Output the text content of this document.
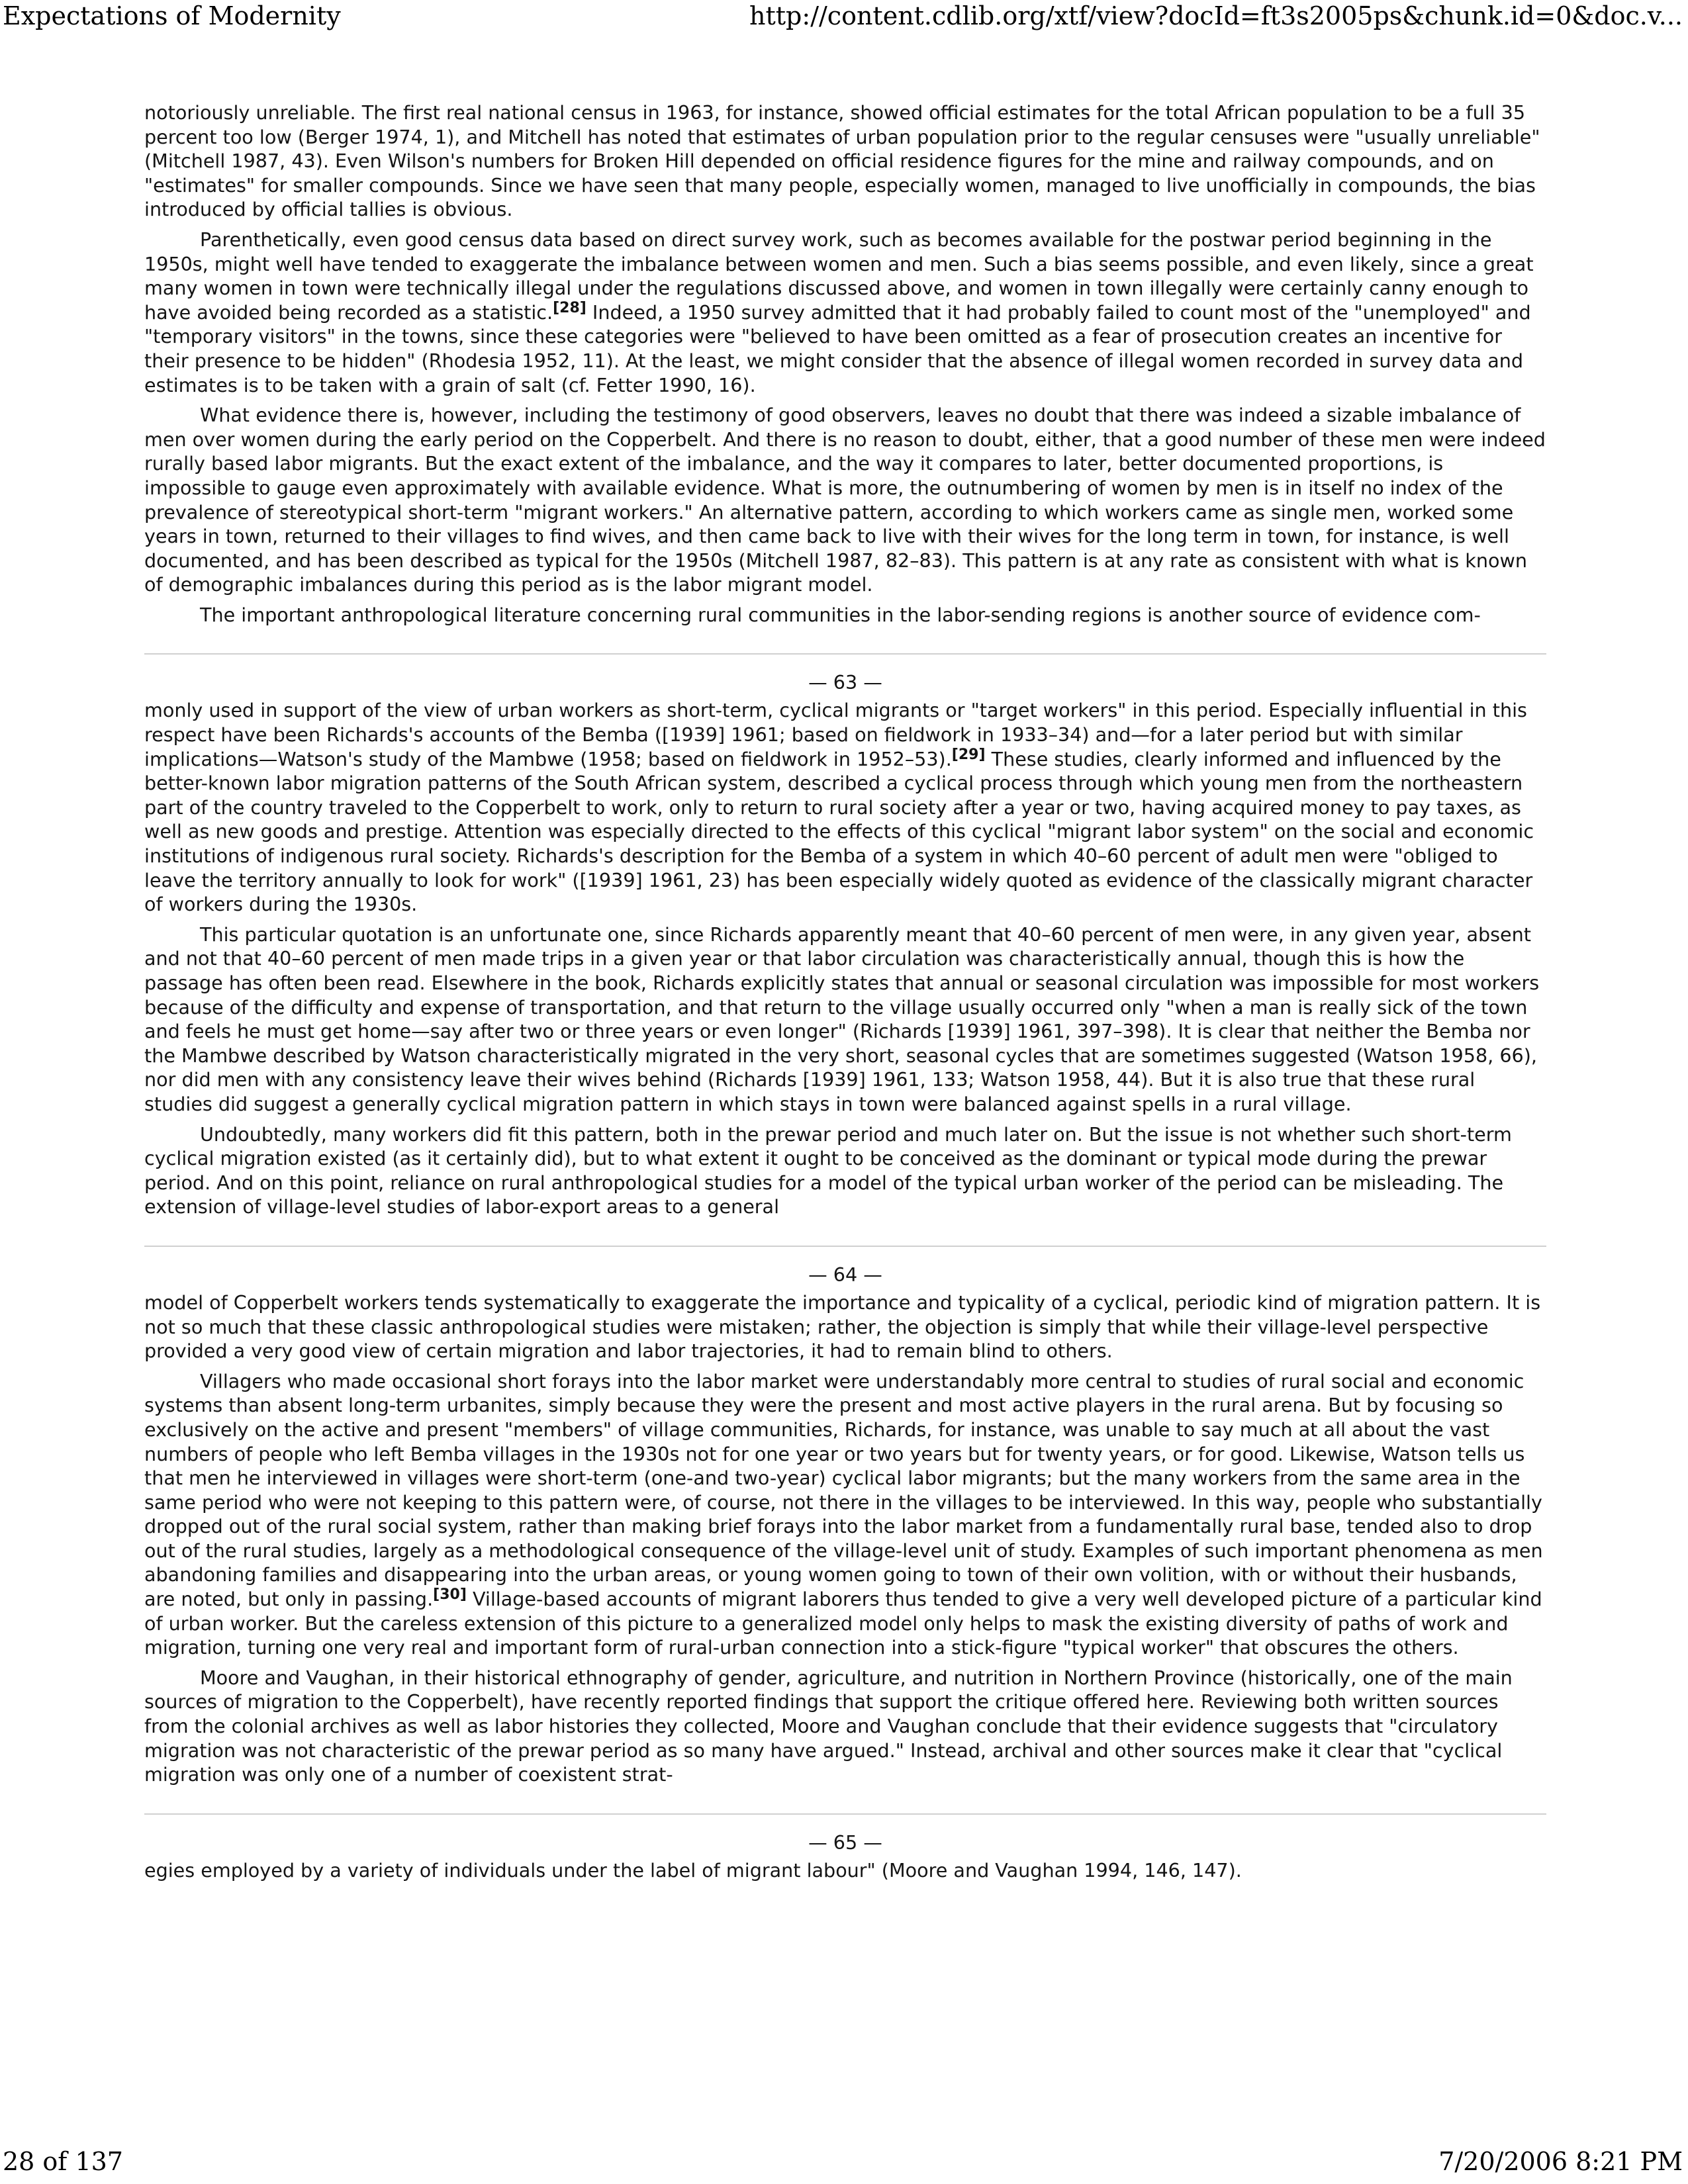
Expectations of Modernity	http://content.cdlib.org/xtf/view?docId=ft3s2005ps&chunk.id=0&doc.v...

notoriously unreliable. The first real national census in 1963, for instance, showed official estimates for the total African population to be a full 35 percent too low (Berger 1974, 1), and Mitchell has noted that estimates of urban population prior to the regular censuses were "usually unreliable" (Mitchell 1987, 43). Even Wilson's numbers for Broken Hill depended on official residence figures for the mine and railway compounds, and on "estimates" for smaller compounds. Since we have seen that many people, especially women, managed to live unofficially in compounds, the bias introduced by official tallies is obvious.

Parenthetically, even good census data based on direct survey work, such as becomes available for the postwar period beginning in the 1950s, might well have tended to exaggerate the imbalance between women and men. Such a bias seems possible, and even likely, since a great many women in town were technically illegal under the regulations discussed above, and women in town illegally were certainly canny enough to have avoided being recorded as a statistic.[28] Indeed, a 1950 survey admitted that it had probably failed to count most of the "unemployed" and "temporary visitors" in the towns, since these categories were "believed to have been omitted as a fear of prosecution creates an incentive for their presence to be hidden" (Rhodesia 1952, 11). At the least, we might consider that the absence of illegal women recorded in survey data and estimates is to be taken with a grain of salt (cf. Fetter 1990, 16).

What evidence there is, however, including the testimony of good observers, leaves no doubt that there was indeed a sizable imbalance of men over women during the early period on the Copperbelt. And there is no reason to doubt, either, that a good number of these men were indeed rurally based labor migrants. But the exact extent of the imbalance, and the way it compares to later, better documented proportions, is impossible to gauge even approximately with available evidence. What is more, the outnumbering of women by men is in itself no index of the prevalence of stereotypical short-term "migrant workers." An alternative pattern, according to which workers came as single men, worked some years in town, returned to their villages to find wives, and then came back to live with their wives for the long term in town, for instance, is well documented, and has been described as typical for the 1950s (Mitchell 1987, 82–83). This pattern is at any rate as consistent with what is known of demographic imbalances during this period as is the labor migrant model.

The important anthropological literature concerning rural communities in the labor-sending regions is another source of evidence com-

— 63 —

monly used in support of the view of urban workers as short-term, cyclical migrants or "target workers" in this period. Especially influential in this respect have been Richards's accounts of the Bemba ([1939] 1961; based on fieldwork in 1933–34) and—for a later period but with similar implications—Watson's study of the Mambwe (1958; based on fieldwork in 1952–53).[29] These studies, clearly informed and influenced by the better-known labor migration patterns of the South African system, described a cyclical process through which young men from the northeastern part of the country traveled to the Copperbelt to work, only to return to rural society after a year or two, having acquired money to pay taxes, as well as new goods and prestige. Attention was especially directed to the effects of this cyclical "migrant labor system" on the social and economic institutions of indigenous rural society. Richards's description for the Bemba of a system in which 40–60 percent of adult men were "obliged to leave the territory annually to look for work" ([1939] 1961, 23) has been especially widely quoted as evidence of the classically migrant character of workers during the 1930s.

This particular quotation is an unfortunate one, since Richards apparently meant that 40–60 percent of men were, in any given year, absent and not that 40–60 percent of men made trips in a given year or that labor circulation was characteristically annual, though this is how the passage has often been read. Elsewhere in the book, Richards explicitly states that annual or seasonal circulation was impossible for most workers because of the difficulty and expense of transportation, and that return to the village usually occurred only "when a man is really sick of the town and feels he must get home—say after two or three years or even longer" (Richards [1939] 1961, 397–398). It is clear that neither the Bemba nor the Mambwe described by Watson characteristically migrated in the very short, seasonal cycles that are sometimes suggested (Watson 1958, 66), nor did men with any consistency leave their wives behind (Richards [1939] 1961, 133; Watson 1958, 44). But it is also true that these rural studies did suggest a generally cyclical migration pattern in which stays in town were balanced against spells in a rural village.

Undoubtedly, many workers did fit this pattern, both in the prewar period and much later on. But the issue is not whether such short-term cyclical migration existed (as it certainly did), but to what extent it ought to be conceived as the dominant or typical mode during the prewar period. And on this point, reliance on rural anthropological studies for a model of the typical urban worker of the period can be misleading. The extension of village-level studies of labor-export areas to a general

— 64 —

model of Copperbelt workers tends systematically to exaggerate the importance and typicality of a cyclical, periodic kind of migration pattern. It is not so much that these classic anthropological studies were mistaken; rather, the objection is simply that while their village-level perspective provided a very good view of certain migration and labor trajectories, it had to remain blind to others.

Villagers who made occasional short forays into the labor market were understandably more central to studies of rural social and economic systems than absent long-term urbanites, simply because they were the present and most active players in the rural arena. But by focusing so exclusively on the active and present "members" of village communities, Richards, for instance, was unable to say much at all about the vast numbers of people who left Bemba villages in the 1930s not for one year or two years but for twenty years, or for good. Likewise, Watson tells us that men he interviewed in villages were short-term (one-and two-year) cyclical labor migrants; but the many workers from the same area in the same period who were not keeping to this pattern were, of course, not there in the villages to be interviewed. In this way, people who substantially dropped out of the rural social system, rather than making brief forays into the labor market from a fundamentally rural base, tended also to drop out of the rural studies, largely as a methodological consequence of the village-level unit of study. Examples of such important phenomena as men abandoning families and disappearing into the urban areas, or young women going to town of their own volition, with or without their husbands, are noted, but only in passing.[30] Village-based accounts of migrant laborers thus tended to give a very well developed picture of a particular kind of urban worker. But the careless extension of this picture to a generalized model only helps to mask the existing diversity of paths of work and migration, turning one very real and important form of rural-urban connection into a stick-figure "typical worker" that obscures the others.

Moore and Vaughan, in their historical ethnography of gender, agriculture, and nutrition in Northern Province (historically, one of the main sources of migration to the Copperbelt), have recently reported findings that support the critique offered here. Reviewing both written sources from the colonial archives as well as labor histories they collected, Moore and Vaughan conclude that their evidence suggests that "circulatory migration was not characteristic of the prewar period as so many have argued." Instead, archival and other sources make it clear that "cyclical migration was only one of a number of coexistent strat-

— 65 —

egies employed by a variety of individuals under the label of migrant labour" (Moore and Vaughan 1994, 146, 147).

28 of 137	7/20/2006 8:21 PM
